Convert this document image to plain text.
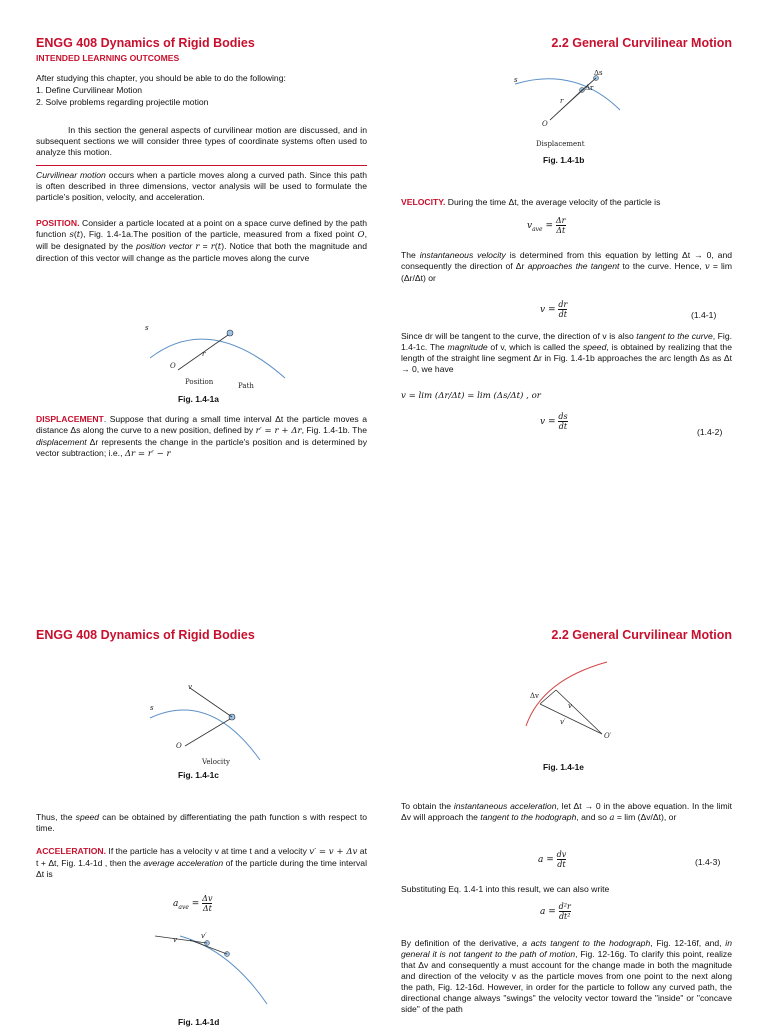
ENGG 408 Dynamics of Rigid Bodies	2.2 General Curvilinear Motion
INTENDED LEARNING OUTCOMES
After studying this chapter, you should be able to do the following:
1. Define Curvilinear Motion
2. Solve problems regarding projectile motion
In this section the general aspects of curvilinear motion are discussed, and in subsequent sections we will consider three types of coordinate systems often used to analyze this motion.
Curvilinear motion occurs when a particle moves along a curved path. Since this path is often described in three dimensions, vector analysis will be used to formulate the particle's position, velocity, and acceleration.
POSITION. Consider a particle located at a point on a space curve defined by the path function s(t), Fig. 1.4-1a.The position of the particle, measured from a fixed point O, will be designated by the position vector r = r(t). Notice that both the magnitude and direction of this vector will change as the particle moves along the curve
O
r
s
Position	Path
Fig. 1.4-1a
DISPLACEMENT. Suppose that during a small time interval Δt the particle moves a distance Δs along the curve to a new position, defined by r′ = r + Δr, Fig. 1.4-1b. The displacement Δr represents the change in the particle's position and is determined by vector subtraction; i.e., Δr = r′ − r
O
s
Δs
Δr
r
Displacement
Fig. 1.4-1b
VELOCITY. During the time Δt, the average velocity of the particle is
$v_{ave} = \frac{\Delta r}{\Delta t}$
The instantaneous velocity is determined from this equation by letting Δt → 0, and consequently the direction of Δr approaches the tangent to the curve. Hence, v = lim (Δr/Δt) or
$v = \frac{dr}{dt}$	(1.4-1)
Since dr will be tangent to the curve, the direction of v is also tangent to the curve, Fig. 1.4-1c. The magnitude of v, which is called the speed, is obtained by realizing that the length of the straight line segment Δr in Fig. 1.4-1b approaches the arc length Δs as Δt → 0, we have
v = lim (Δr/Δt) = lim (Δs/Δt) , or
$v = \frac{ds}{dt}$
(1.4-2)
ENGG 408 Dynamics of Rigid Bodies	2.2 General Curvilinear Motion
O
v
s
Velocity
Fig. 1.4-1c
Thus, the speed can be obtained by differentiating the path function s with respect to time.
ACCELERATION. If the particle has a velocity v at time t and a velocity v′ = v + Δv at t + Δt, Fig. 1.4-1d , then the average acceleration of the particle during the time interval Δt is
$a_{ave} = \frac{\Delta v}{\Delta t}$
v	v′
Fig. 1.4-1d
Δv
v
v′
O′
Fig. 1.4-1e
To obtain the instantaneous acceleration, let Δt → 0 in the above equation. In the limit Δv will approach the tangent to the hodograph, and so a = lim (Δv/Δt), or
$a = \frac{dv}{dt}$	(1.4-3)
Substituting Eq. 1.4-1 into this result, we can also write
$a = \frac{\text{d²r}}{\text{dt²}}$
By definition of the derivative, a acts tangent to the hodograph, Fig. 12-16f, and, in general it is not tangent to the path of motion, Fig. 12-16g. To clarify this point, realize that Δv and consequently a must account for the change made in both the magnitude and direction of the velocity v as the particle moves from one point to the next along the path, Fig. 12-16d. However, in order for the particle to follow any curved path, the directional change always "swings" the velocity vector toward the "inside" or "concave side" of the path
